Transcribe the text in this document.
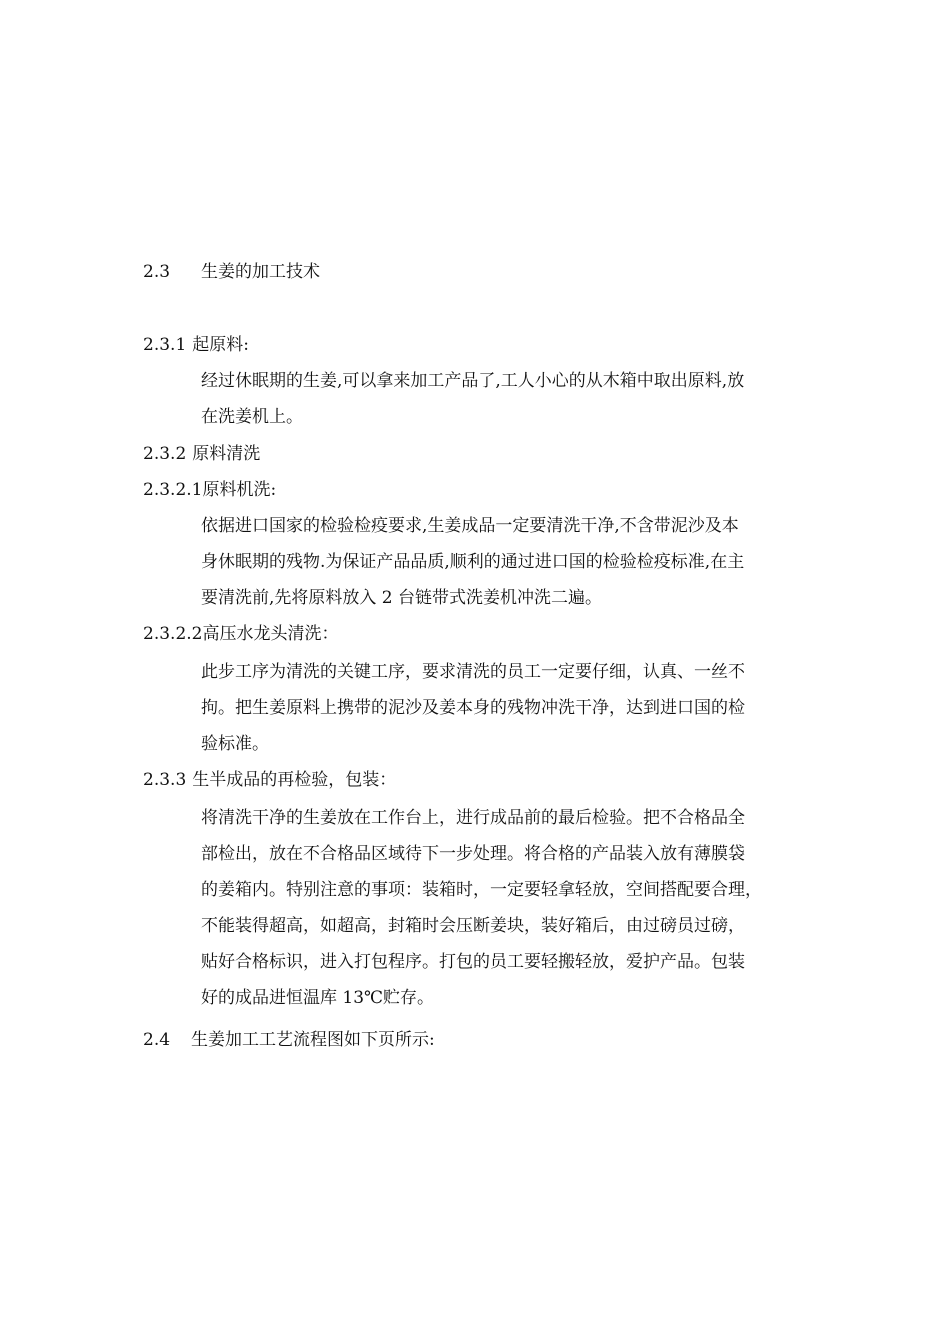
2.3 生姜的加工技术
2.3.1 起原料:
经过休眠期的生姜,可以拿来加工产品了,工人小心的从木箱中取出原料,放
在洗姜机上。
2.3.2 原料清洗
2.3.2.1原料机洗:
依据进口国家的检验检疫要求,生姜成品一定要清洗干净,不含带泥沙及本
身休眠期的残物.为保证产品品质,顺利的通过进口国的检验检疫标准,在主
要清洗前,先将原料放入 2 台链带式洗姜机冲洗二遍。
2.3.2.2高压水龙头清洗：
此步工序为清洗的关键工序，要求清洗的员工一定要仔细，认真、一丝不
拘。把生姜原料上携带的泥沙及姜本身的残物冲洗干净，达到进口国的检
验标准。
2.3.3 生半成品的再检验，包装：
将清洗干净的生姜放在工作台上，进行成品前的最后检验。把不合格品全
部检出，放在不合格品区域待下一步处理。将合格的产品装入放有薄膜袋
的姜箱内。特别注意的事项：装箱时，一定要轻拿轻放，空间搭配要合理，
不能装得超高，如超高，封箱时会压断姜块，装好箱后，由过磅员过磅，
贴好合格标识，进入打包程序。打包的员工要轻搬轻放，爱护产品。包装
好的成品进恒温库 13℃贮存。
2.4 生姜加工工艺流程图如下页所示:
